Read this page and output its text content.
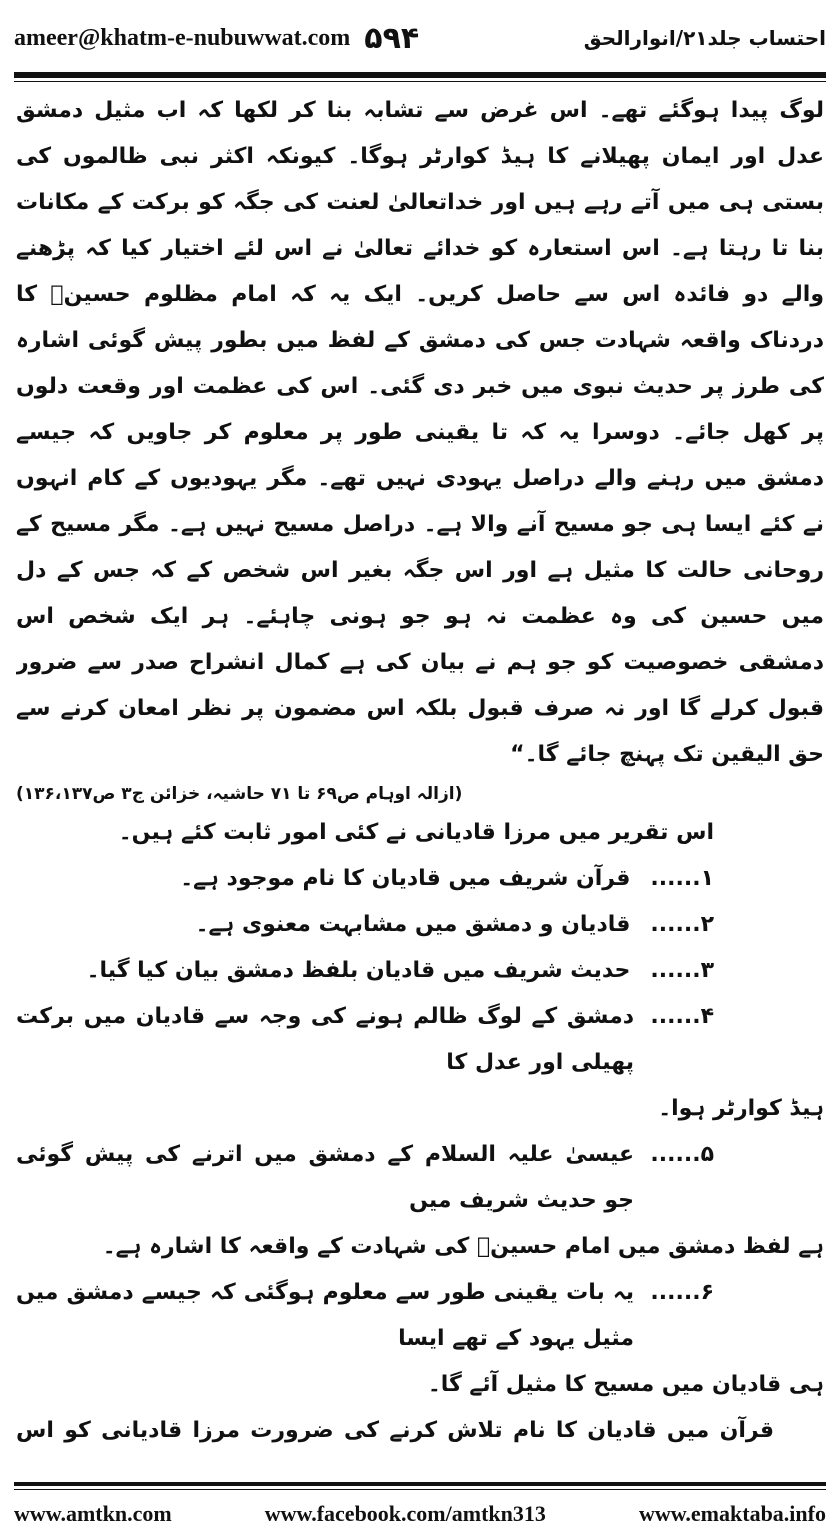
ameer@khatm-e-nubuwwat.com ۵۹۴	احتساب جلد۲۱/انوارالحق

لوگ پیدا ہوگئے تھے۔ اس غرض سے تشابہ بنا کر لکھا کہ اب مثیل دمشق عدل اور ایمان پھیلانے کا ہیڈ کوارٹر ہوگا۔ کیونکہ اکثر نبی ظالموں کی بستی ہی میں آتے رہے ہیں اور خداتعالیٰ لعنت کی جگہ کو برکت کے مکانات بنا تا رہتا ہے۔ اس استعارہ کو خدائے تعالیٰ نے اس لئے اختیار کیا کہ پڑھنے والے دو فائدہ اس سے حاصل کریں۔ ایک یہ کہ امام مظلوم حسینؓ کا دردناک واقعہ شہادت جس کی دمشق کے لفظ میں بطور پیش گوئی اشارہ کی طرز پر حدیث نبوی میں خبر دی گئی۔ اس کی عظمت اور وقعت دلوں پر کھل جائے۔ دوسرا یہ کہ تا یقینی طور پر معلوم کر جاویں کہ جیسے دمشق میں رہنے والے دراصل یہودی نہیں تھے۔ مگر یہودیوں کے کام انہوں نے کئے ایسا ہی جو مسیح آنے والا ہے۔ دراصل مسیح نہیں ہے۔ مگر مسیح کے روحانی حالت کا مثیل ہے اور اس جگہ بغیر اس شخص کے کہ جس کے دل میں حسین کی وہ عظمت نہ ہو جو ہونی چاہئے۔ ہر ایک شخص اس دمشقی خصوصیت کو جو ہم نے بیان کی ہے کمال انشراح صدر سے ضرور قبول کرلے گا اور نہ صرف قبول بلکہ اس مضمون پر نظر امعان کرنے سے حق الیقین تک پہنچ جائے گا۔“

(ازالہ اوہام ص۶۹ تا ۷۱ حاشیہ، خزائن ج۳ ص۱۳۶،۱۳۷)

اس تقریر میں مرزا قادیانی نے کئی امور ثابت کئے ہیں۔

۱......
قرآن شریف میں قادیان کا نام موجود ہے۔
۲......
قادیان و دمشق میں مشابہت معنوی ہے۔
۳......
حدیث شریف میں قادیان بلفظ دمشق بیان کیا گیا۔
۴......
دمشق کے لوگ ظالم ہونے کی وجہ سے قادیان میں برکت پھیلی اور عدل کا

ہیڈ کوارٹر ہوا۔

۵......
عیسیٰ علیہ السلام کے دمشق میں اترنے کی پیش گوئی جو حدیث شریف میں

ہے لفظ دمشق میں امام حسینؓ کی شہادت کے واقعہ کا اشارہ ہے۔

۶......
یہ بات یقینی طور سے معلوم ہوگئی کہ جیسے دمشق میں مثیل یہود کے تھے ایسا

ہی قادیان میں مسیح کا مثیل آئے گا۔

قرآن میں قادیان کا نام تلاش کرنے کی ضرورت مرزا قادیانی کو اس

www.amtkn.com	www.facebook.com/amtkn313	www.emaktaba.info
